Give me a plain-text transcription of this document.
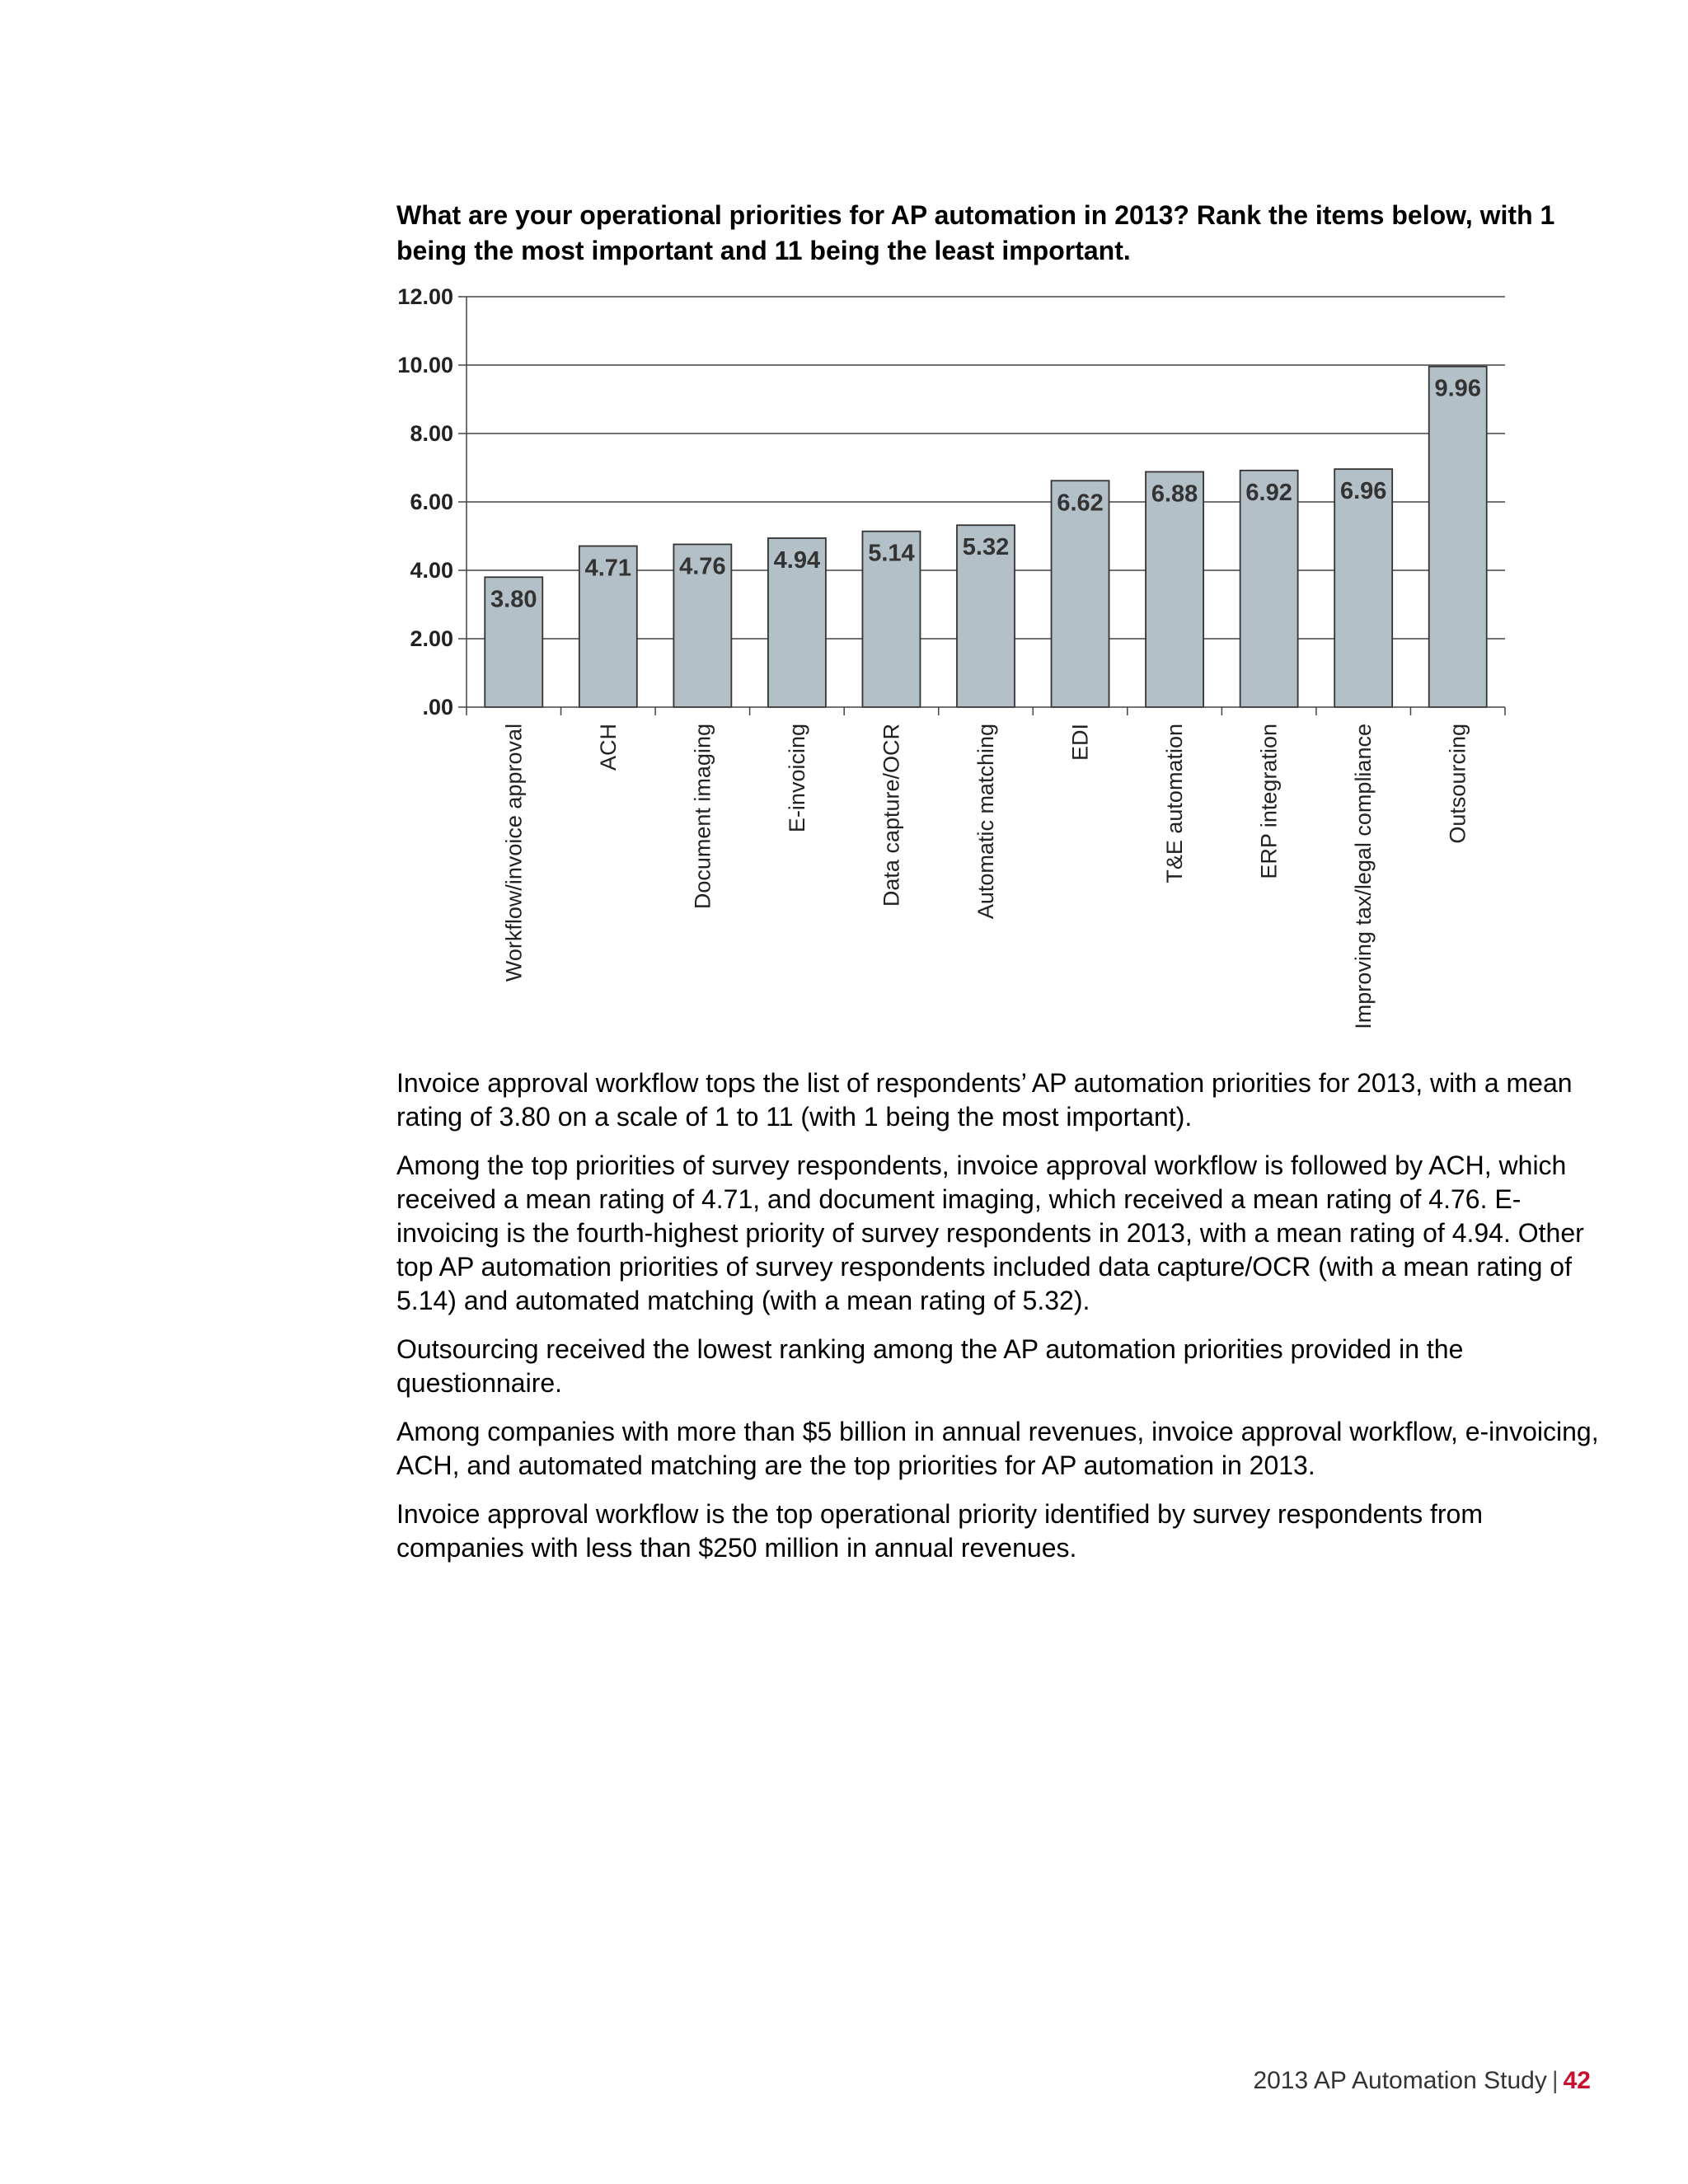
What are your operational priorities for AP automation in 2013? Rank the items below, with 1 being the most important and 11 being the least important.

.00
2.00
4.00
6.00
8.00
10.00
12.00
3.80
Workflow/invoice approval
4.71
ACH
4.76
Document imaging
4.94
E-invoicing
5.14
Data capture/OCR
5.32
Automatic matching
6.62
EDI
6.88
T&E automation
6.92
ERP integration
6.96
Improving tax/legal compliance
9.96
Outsourcing

Invoice approval workflow tops the list of respondents’ AP automation priorities for 2013, with a mean rating of 3.80 on a scale of 1 to 11 (with 1 being the most important).

Among the top priorities of survey respondents, invoice approval workflow is followed by ACH, which received a mean rating of 4.71, and document imaging, which received a mean rating of 4.76. E-invoicing is the fourth-highest priority of survey respondents in 2013, with a mean rating of 4.94. Other top AP automation priorities of survey respondents included data capture/OCR (with a mean rating of 5.14) and automated matching (with a mean rating of 5.32).

Outsourcing received the lowest ranking among the AP automation priorities provided in the questionnaire.

Among companies with more than $5 billion in annual revenues, invoice approval workflow, e-invoicing, ACH, and automated matching are the top priorities for AP automation in 2013.

Invoice approval workflow is the top operational priority identified by survey respondents from companies with less than $250 million in annual revenues.

2013 AP Automation Study | 42
